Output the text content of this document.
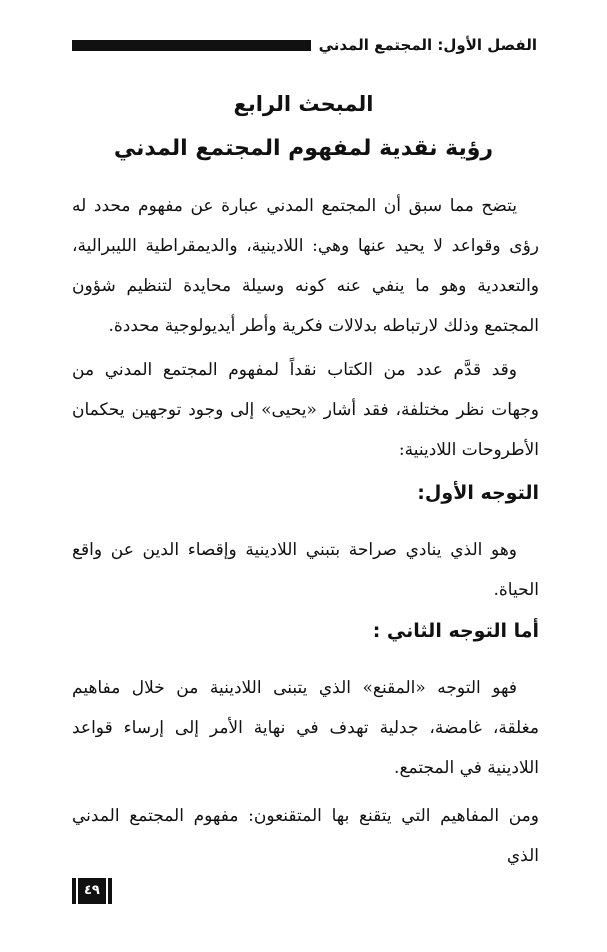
الفصل الأول: المجتمع المدني
المبحث الرابع
رؤية نقدية لمفهوم المجتمع المدني

يتضح مما سبق أن المجتمع المدني عبارة عن مفهوم محدد له رؤى وقواعد لا يحيد عنها وهي: اللادينية، والديمقراطية الليبرالية، والتعددية وهو ما ينفي عنه كونه وسيلة محايدة لتنظيم شؤون المجتمع وذلك لارتباطه بدلالات فكرية وأطر أيديولوجية محددة.

وقد قدَّم عدد من الكتاب نقداً لمفهوم المجتمع المدني من وجهات نظر مختلفة، فقد أشار «يحيى» إلى وجود توجهين يحكمان الأطروحات اللادينية:

التوجه الأول:

وهو الذي ينادي صراحة بتبني اللادينية وإقصاء الدين عن واقع الحياة.

أما التوجه الثاني :

فهو التوجه «المقنع» الذي يتبنى اللادينية من خلال مفاهيم مغلقة، غامضة، جدلية تهدف في نهاية الأمر إلى إرساء قواعد اللادينية في المجتمع.

ومن المفاهيم التي يتقنع بها المتقنعون: مفهوم المجتمع المدني الذي

٤٩
